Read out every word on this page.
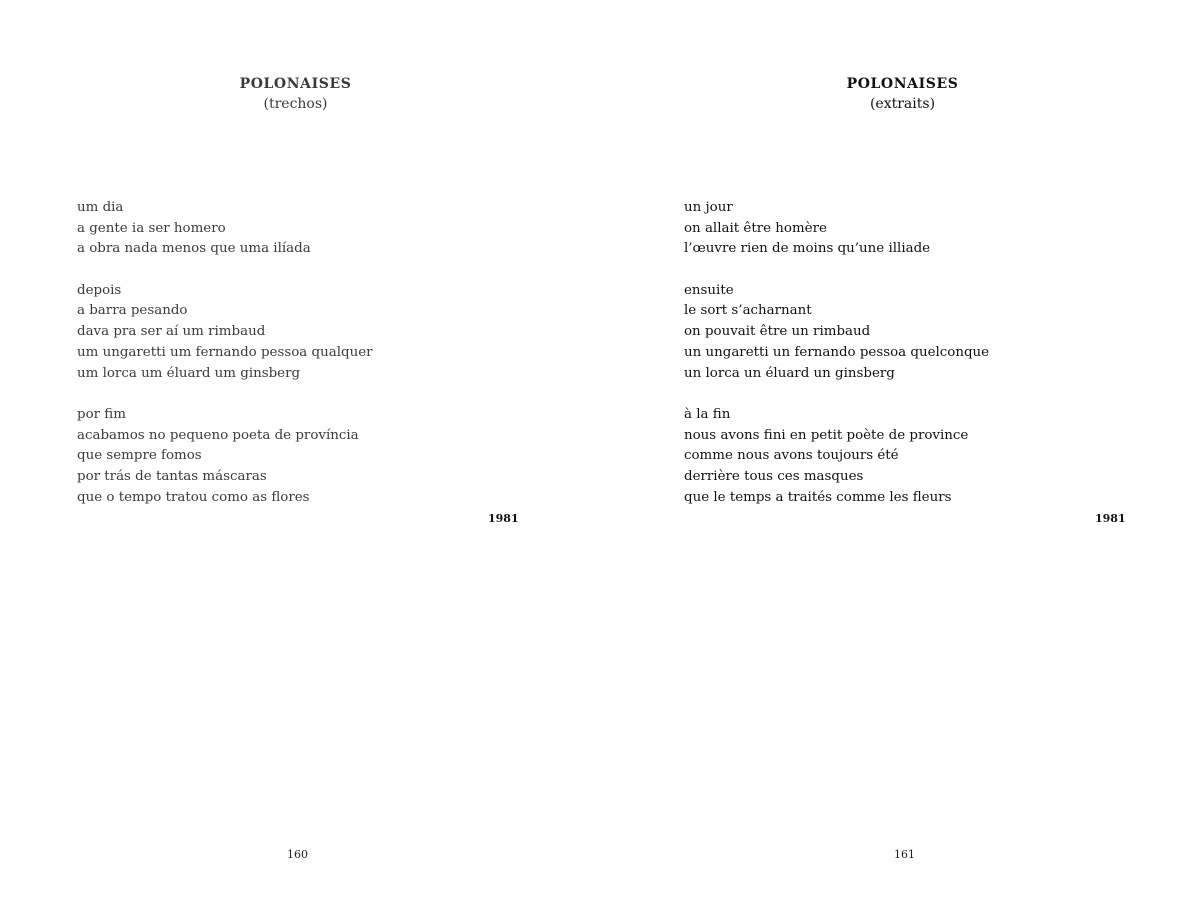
POLONAISES
(trechos)
um dia
a gente ia ser homero
a obra nada menos que uma ilíada
depois
a barra pesando
dava pra ser aí um rimbaud
um ungaretti um fernando pessoa qualquer
um lorca um éluard um ginsberg
por fim
acabamos no pequeno poeta de província
que sempre fomos
por trás de tantas máscaras
que o tempo tratou como as flores
1981
160
POLONAISES
(extraits)
un jour
on allait être homère
l’œuvre rien de moins qu’une illiade
ensuite
le sort s’acharnant
on pouvait être un rimbaud
un ungaretti un fernando pessoa quelconque
un lorca un éluard un ginsberg
à la fin
nous avons fini en petit poète de province
comme nous avons toujours été
derrière tous ces masques
que le temps a traités comme les fleurs
1981
161
